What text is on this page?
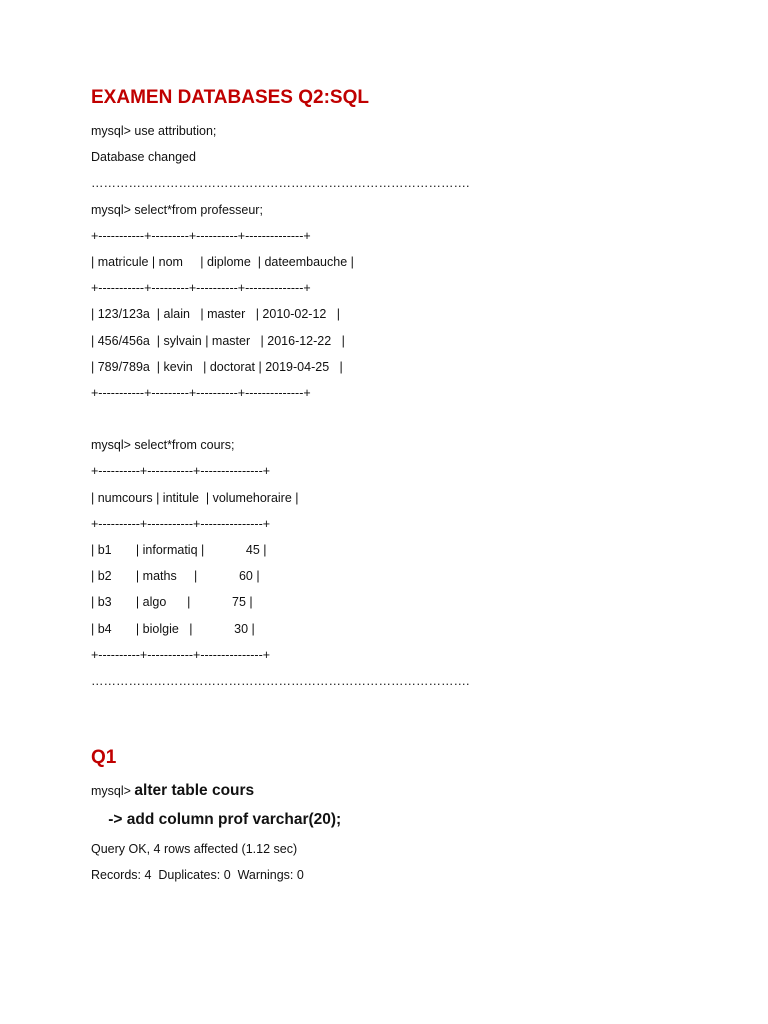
EXAMEN DATABASES Q2:SQL
mysql> use attribution;
Database changed
……………………………………………………………………………….
mysql> select*from professeur;
+-----------+---------+----------+--------------+
| matricule | nom     | diplome  | dateembauche |
+-----------+---------+----------+--------------+
| 123/123a  | alain   | master   | 2010-02-12   |
| 456/456a  | sylvain | master   | 2016-12-22   |
| 789/789a  | kevin   | doctorat | 2019-04-25   |
+-----------+---------+----------+--------------+
mysql> select*from cours;
+----------+-----------+---------------+
| numcours | intitule  | volumehoraire |
+----------+-----------+---------------+
| b1       | informatiq |            45 |
| b2       | maths     |            60 |
| b3       | algo      |            75 |
| b4       | biolgie   |            30 |
+----------+-----------+---------------+
……………………………………………………………………………….
Q1
mysql> alter table cours
-> add column prof varchar(20);
Query OK, 4 rows affected (1.12 sec)
Records: 4  Duplicates: 0  Warnings: 0
